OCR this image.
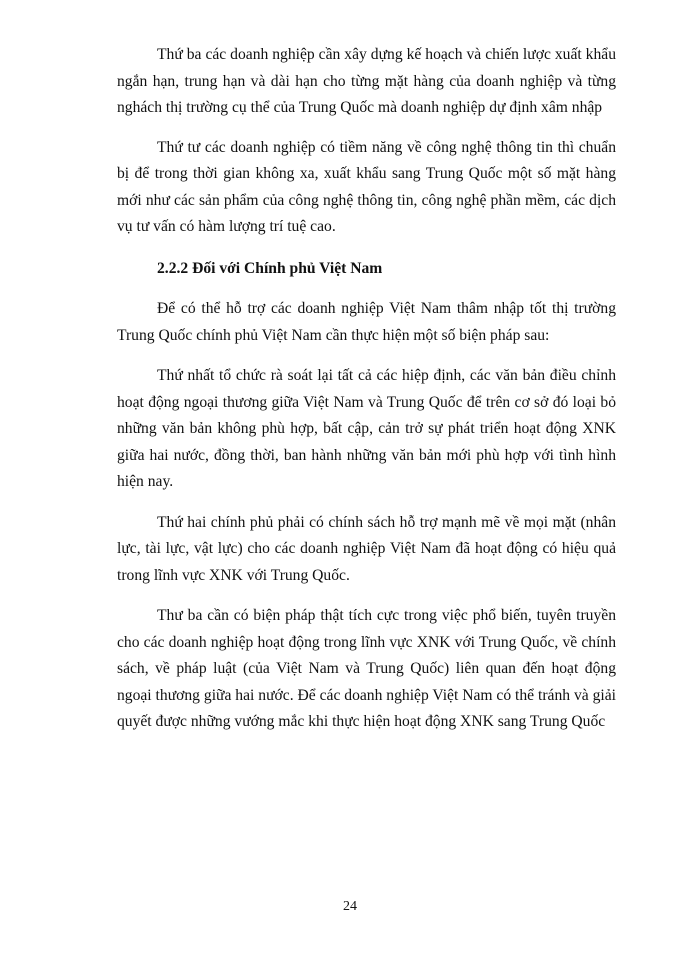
Thứ ba các doanh nghiệp cần xây dựng kế hoạch và chiến lược xuất khẩu ngắn hạn, trung hạn và dài hạn cho từng mặt hàng của doanh nghiệp và từng nghách thị trường cụ thể của Trung Quốc mà doanh nghiệp dự định xâm nhập

Thứ tư các doanh nghiệp có tiềm năng về công nghệ thông tin thì chuẩn bị để trong thời gian không xa, xuất khẩu sang Trung Quốc một số mặt hàng mới như các sản phẩm của công nghệ thông tin, công nghệ phần mềm, các dịch vụ tư vấn có hàm lượng trí tuệ cao.

2.2.2 Đối với Chính phủ Việt Nam

Để có thể hỗ trợ các doanh nghiệp Việt Nam thâm nhập tốt thị trường Trung Quốc chính phủ Việt Nam cần thực hiện một số biện pháp sau:

Thứ nhất tổ chức rà soát lại tất cả các hiệp định, các văn bản điều chỉnh hoạt động ngoại thương giữa Việt Nam và Trung Quốc để trên cơ sở đó loại bỏ những văn bản không phù hợp, bất cập, cản trở sự phát triển hoạt động XNK giữa hai nước, đồng thời, ban hành những văn bản mới phù hợp với tình hình hiện nay.

Thứ hai chính phủ phải có chính sách hỗ trợ mạnh mẽ về mọi mặt (nhân lực, tài lực, vật lực) cho các doanh nghiệp Việt Nam đã hoạt động có hiệu quả trong lĩnh vực XNK với Trung Quốc.

Thư ba cần có biện pháp thật tích cực trong việc phổ biến, tuyên truyền cho các doanh nghiệp hoạt động trong lĩnh vực XNK với Trung Quốc, về chính sách, về pháp luật (của Việt Nam và Trung Quốc) liên quan đến hoạt động ngoại thương giữa hai nước. Để các doanh nghiệp Việt Nam có thể tránh và giải quyết được những vướng mắc khi thực hiện hoạt động XNK sang Trung Quốc

24
